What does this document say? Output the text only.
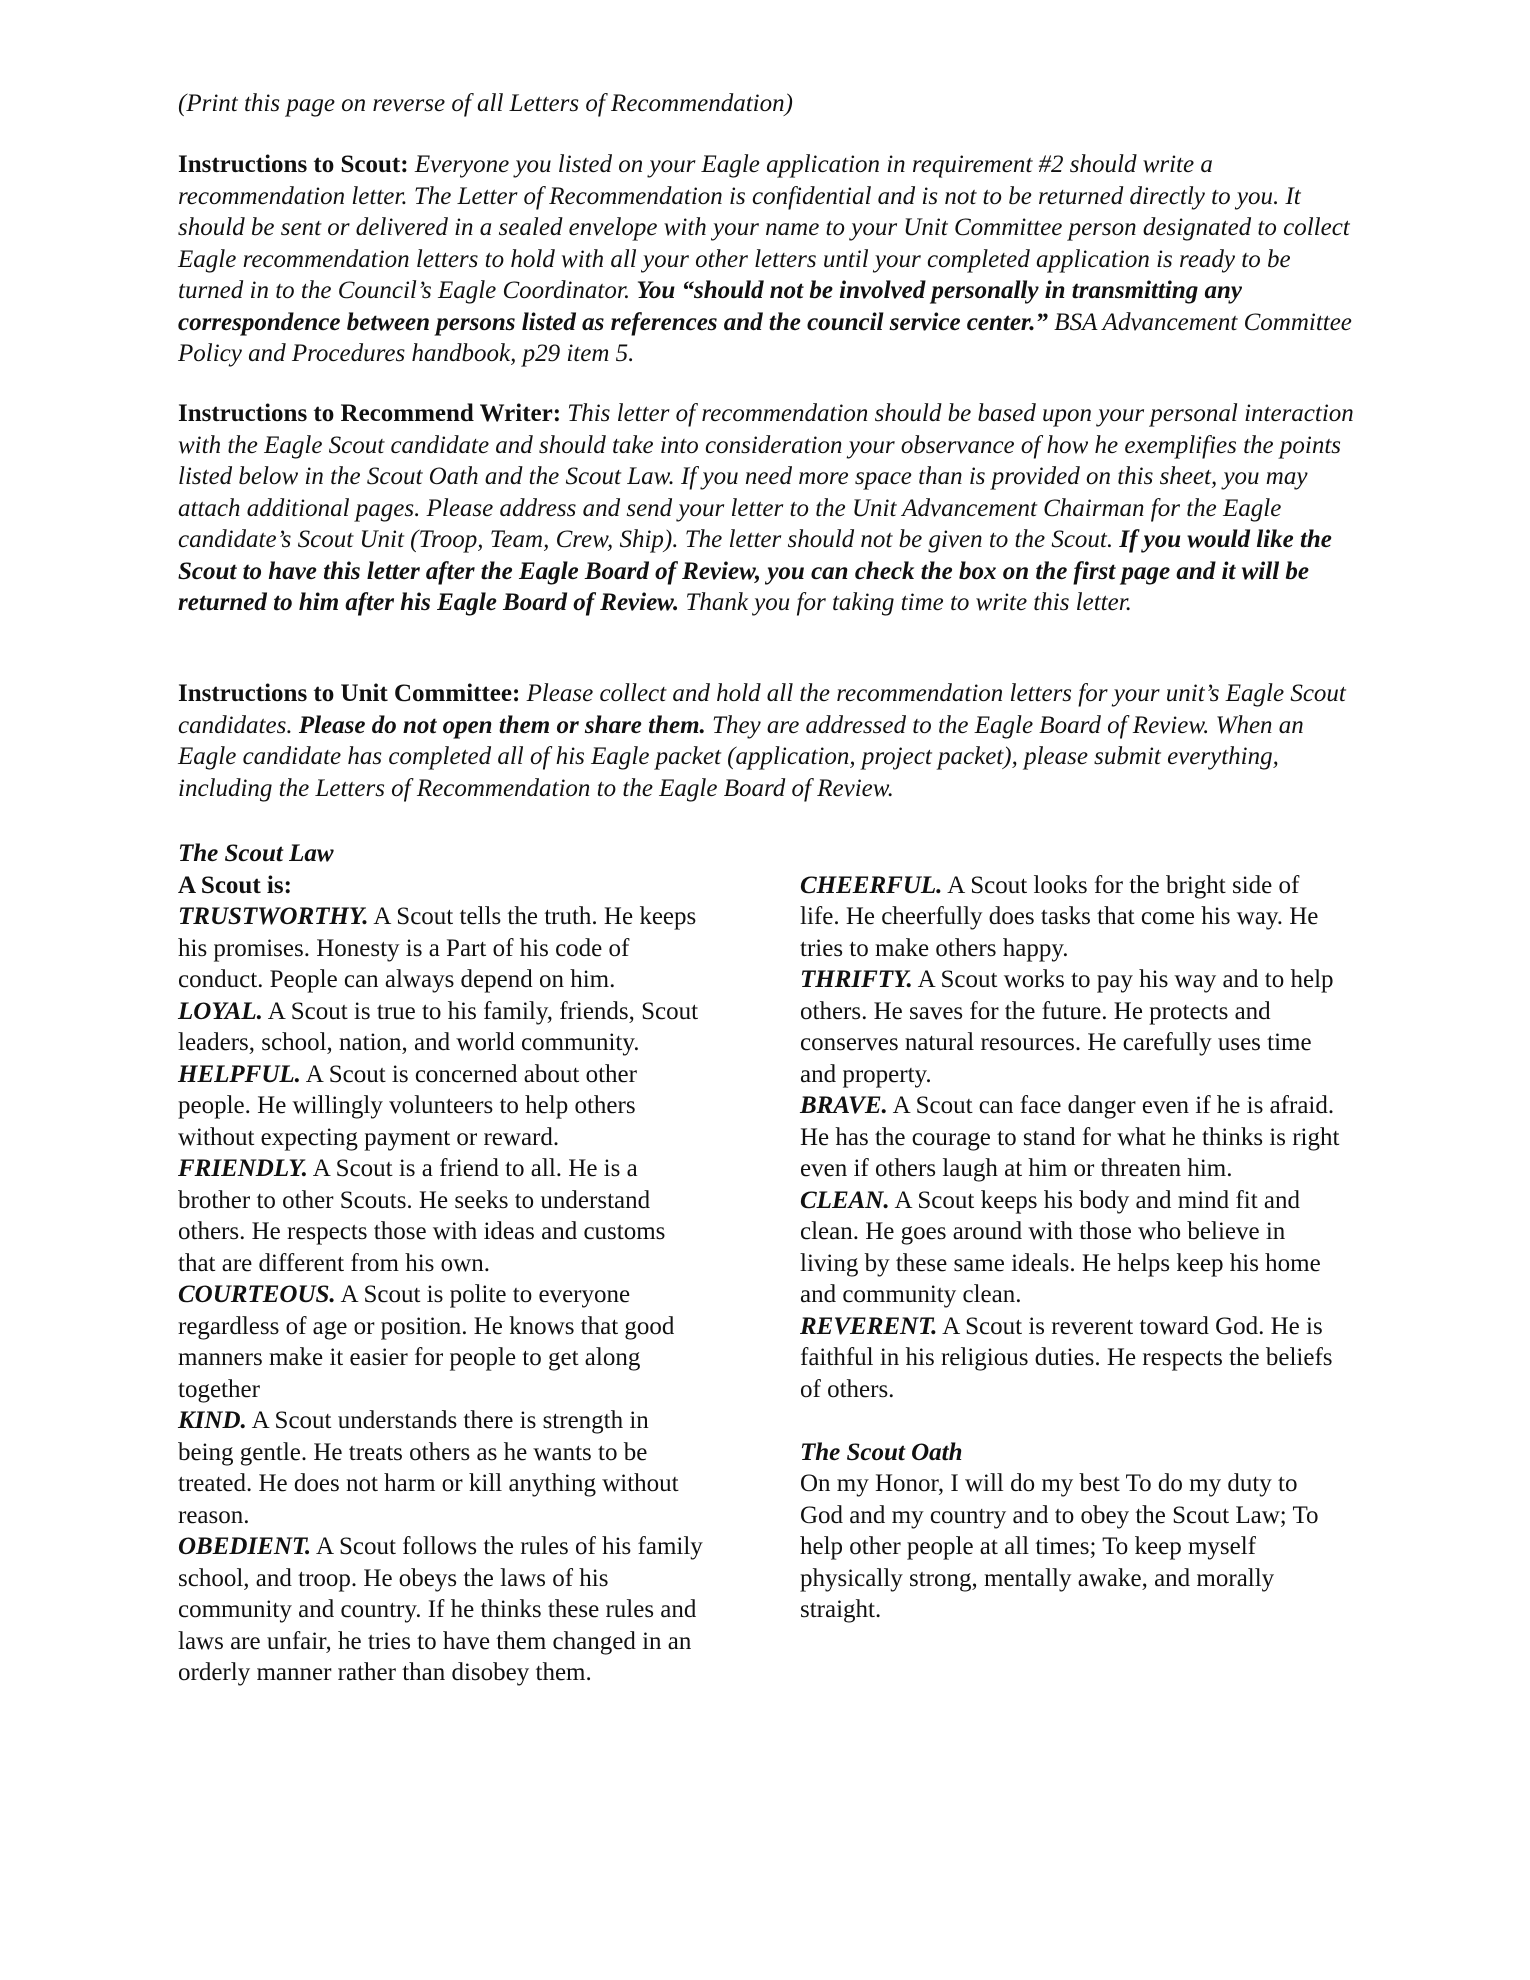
(Print this page on reverse of all Letters of Recommendation)
Instructions to Scout: Everyone you listed on your Eagle application in requirement #2 should write a recommendation letter. The Letter of Recommendation is confidential and is not to be returned directly to you. It should be sent or delivered in a sealed envelope with your name to your Unit Committee person designated to collect Eagle recommendation letters to hold with all your other letters until your completed application is ready to be turned in to the Council’s Eagle Coordinator. You “should not be involved personally in transmitting any correspondence between persons listed as references and the council service center.” BSA Advancement Committee Policy and Procedures handbook, p29 item 5.
Instructions to Recommend Writer: This letter of recommendation should be based upon your personal interaction with the Eagle Scout candidate and should take into consideration your observance of how he exemplifies the points listed below in the Scout Oath and the Scout Law. If you need more space than is provided on this sheet, you may attach additional pages. Please address and send your letter to the Unit Advancement Chairman for the Eagle candidate’s Scout Unit (Troop, Team, Crew, Ship). The letter should not be given to the Scout. If you would like the Scout to have this letter after the Eagle Board of Review, you can check the box on the first page and it will be returned to him after his Eagle Board of Review. Thank you for taking time to write this letter.
Instructions to Unit Committee: Please collect and hold all the recommendation letters for your unit’s Eagle Scout candidates. Please do not open them or share them. They are addressed to the Eagle Board of Review. When an Eagle candidate has completed all of his Eagle packet (application, project packet), please submit everything, including the Letters of Recommendation to the Eagle Board of Review.

The Scout Law

A Scout is:

TRUSTWORTHY. A Scout tells the truth. He keeps his promises. Honesty is a Part of his code of conduct. People can always depend on him.

LOYAL. A Scout is true to his family, friends, Scout leaders, school, nation, and world community.

HELPFUL. A Scout is concerned about other people. He willingly volunteers to help others without expecting payment or reward.

FRIENDLY. A Scout is a friend to all. He is a brother to other Scouts. He seeks to understand others. He respects those with ideas and customs that are different from his own.

COURTEOUS. A Scout is polite to everyone regardless of age or position. He knows that good manners make it easier for people to get along together

KIND. A Scout understands there is strength in being gentle. He treats others as he wants to be treated. He does not harm or kill anything without reason.

OBEDIENT. A Scout follows the rules of his family school, and troop. He obeys the laws of his community and country. If he thinks these rules and laws are unfair, he tries to have them changed in an orderly manner rather than disobey them.

CHEERFUL. A Scout looks for the bright side of life. He cheerfully does tasks that come his way. He tries to make others happy.

THRIFTY. A Scout works to pay his way and to help others. He saves for the future. He protects and conserves natural resources. He carefully uses time and property.

BRAVE. A Scout can face danger even if he is afraid. He has the courage to stand for what he thinks is right even if others laugh at him or threaten him.

CLEAN. A Scout keeps his body and mind fit and clean. He goes around with those who believe in living by these same ideals. He helps keep his home and community clean.

REVERENT. A Scout is reverent toward God. He is faithful in his religious duties. He respects the beliefs of others.

The Scout Oath

On my Honor, I will do my best To do my duty to God and my country and to obey the Scout Law; To help other people at all times; To keep myself physically strong, mentally awake, and morally straight.
